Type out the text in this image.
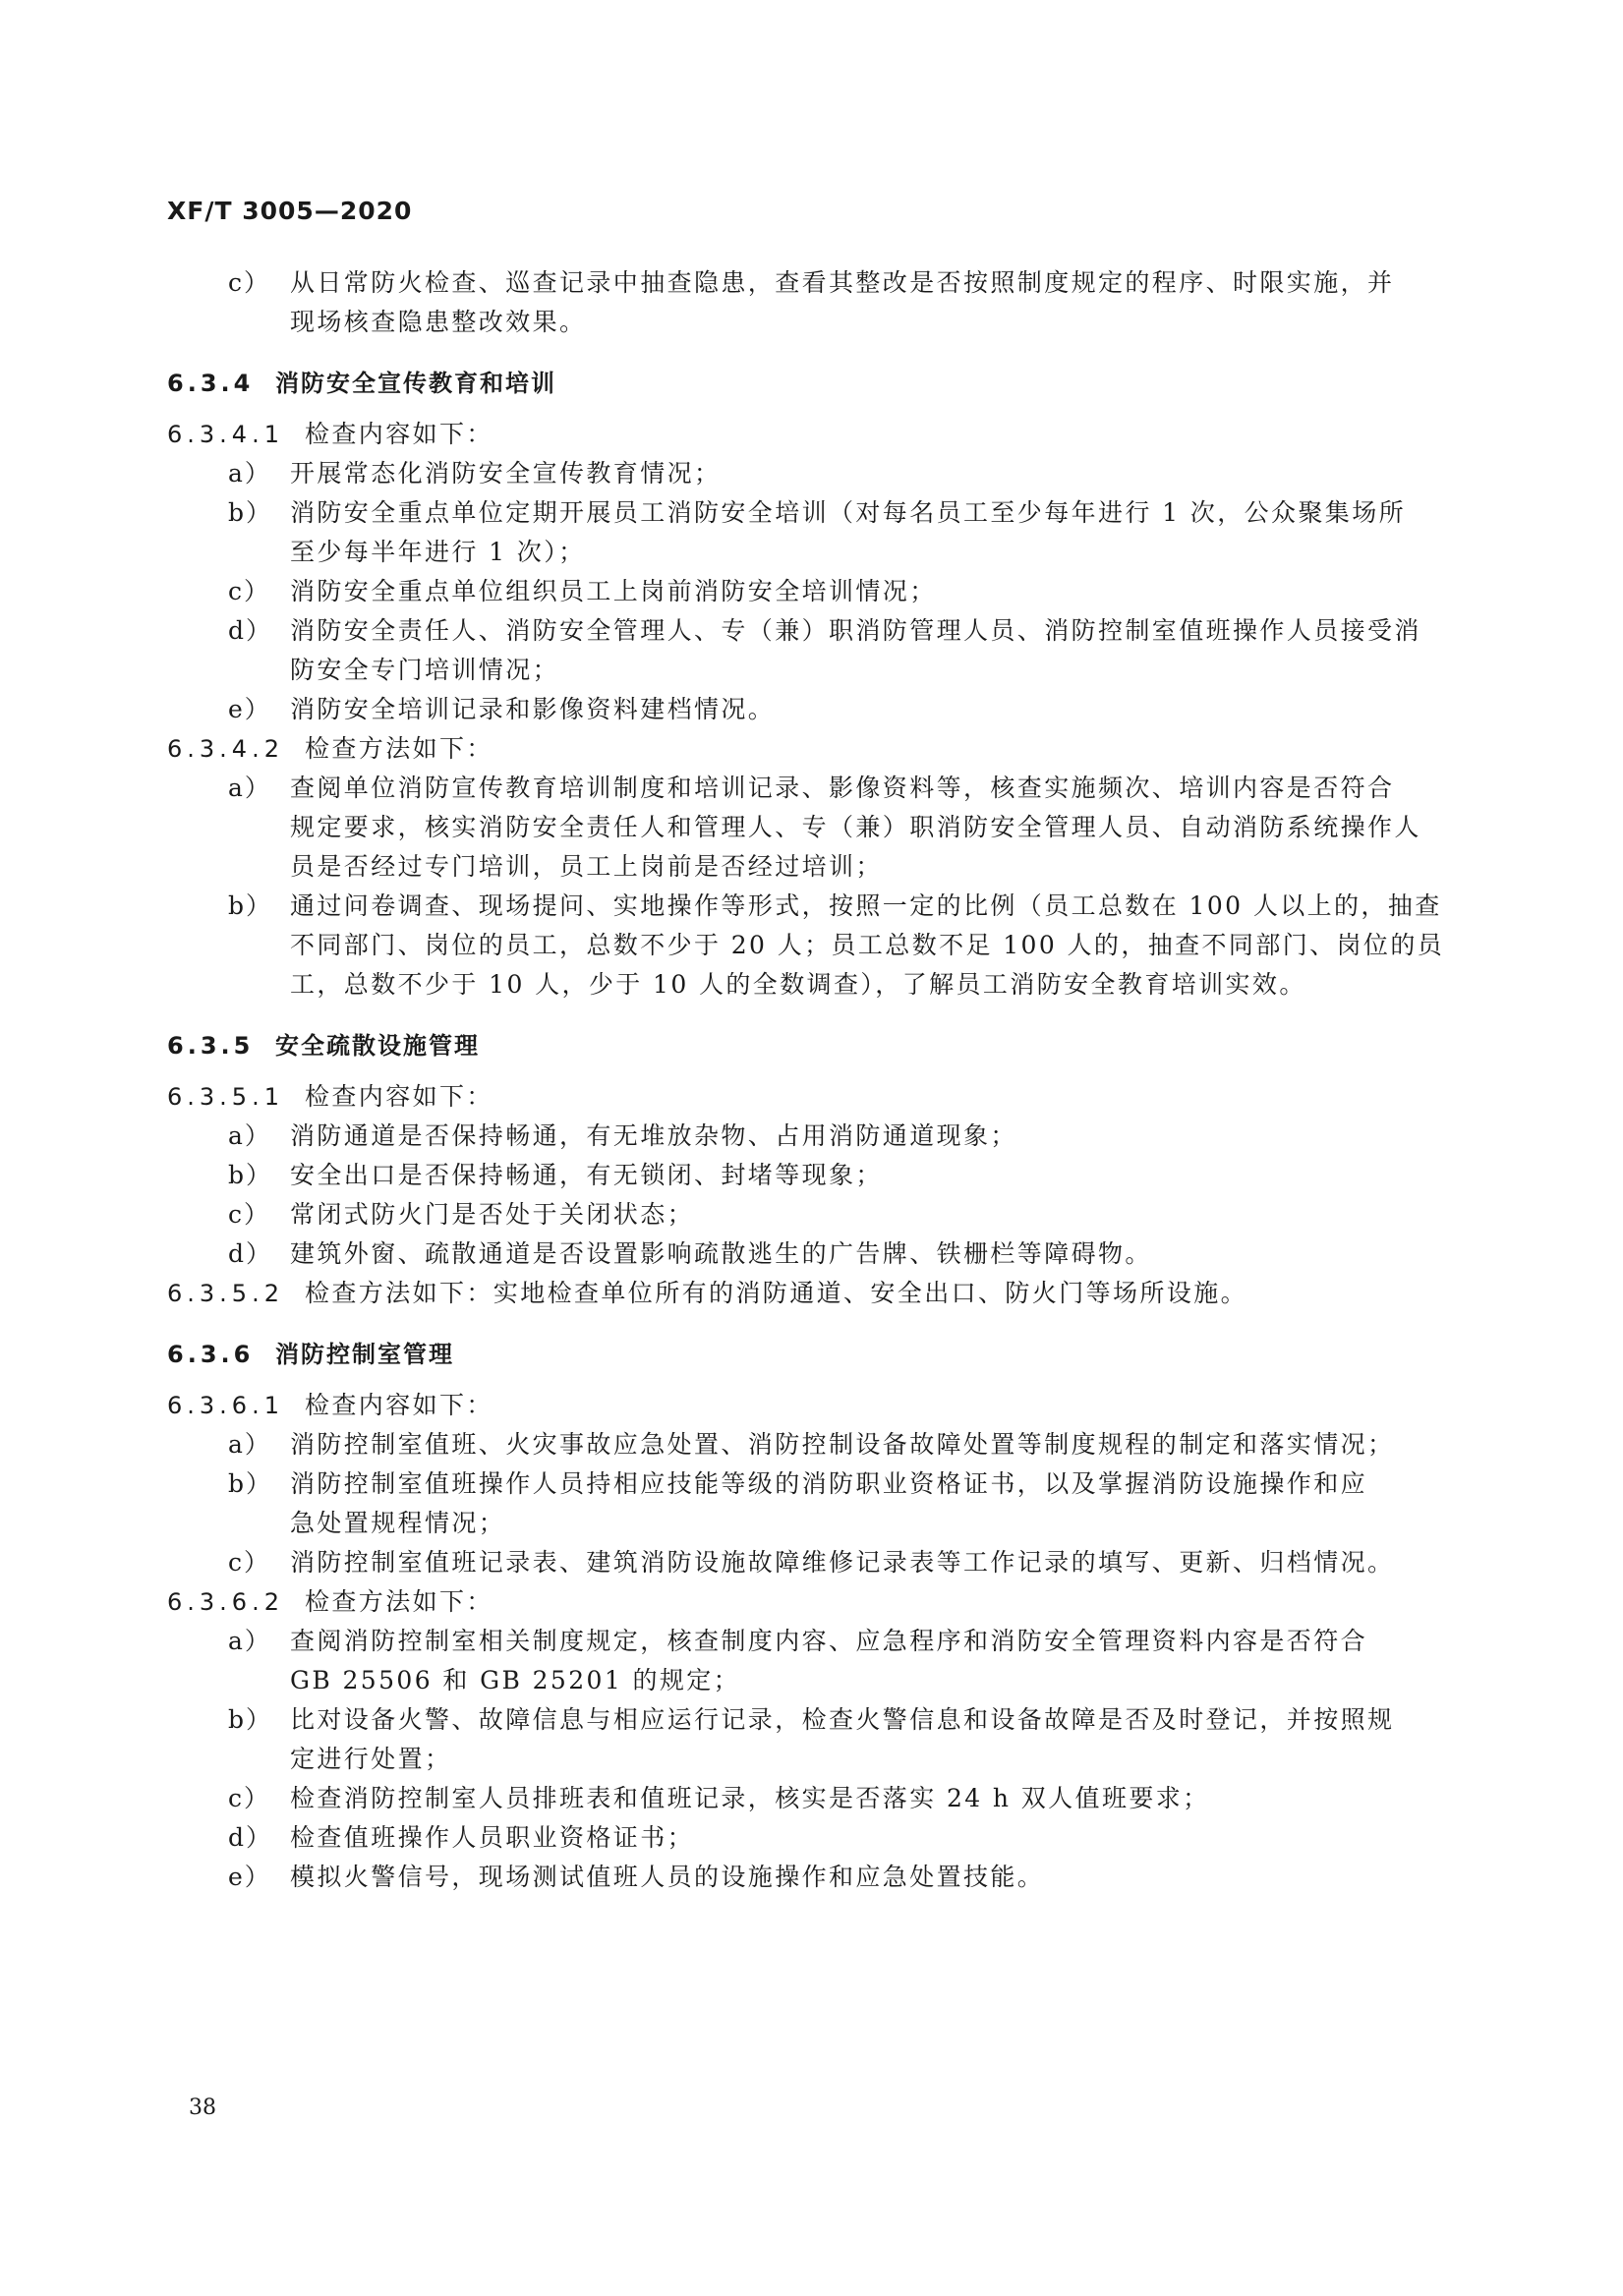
XF/T 3005—2020
c） 从日常防火检查、巡查记录中抽查隐患，查看其整改是否按照制度规定的程序、时限实施，并
现场核查隐患整改效果。
6.3.4 消防安全宣传教育和培训
6.3.4.1 检查内容如下：
a） 开展常态化消防安全宣传教育情况；
b） 消防安全重点单位定期开展员工消防安全培训（对每名员工至少每年进行 1 次，公众聚集场所
至少每半年进行 1 次）；
c） 消防安全重点单位组织员工上岗前消防安全培训情况；
d） 消防安全责任人、消防安全管理人、专（兼）职消防管理人员、消防控制室值班操作人员接受消
防安全专门培训情况；
e） 消防安全培训记录和影像资料建档情况。
6.3.4.2 检查方法如下：
a） 查阅单位消防宣传教育培训制度和培训记录、影像资料等，核查实施频次、培训内容是否符合
规定要求，核实消防安全责任人和管理人、专（兼）职消防安全管理人员、自动消防系统操作人
员是否经过专门培训，员工上岗前是否经过培训；
b） 通过问卷调查、现场提问、实地操作等形式，按照一定的比例（员工总数在 100 人以上的，抽查
不同部门、岗位的员工，总数不少于 20 人；员工总数不足 100 人的，抽查不同部门、岗位的员
工，总数不少于 10 人，少于 10 人的全数调查），了解员工消防安全教育培训实效。
6.3.5 安全疏散设施管理
6.3.5.1 检查内容如下：
a） 消防通道是否保持畅通，有无堆放杂物、占用消防通道现象；
b） 安全出口是否保持畅通，有无锁闭、封堵等现象；
c） 常闭式防火门是否处于关闭状态；
d） 建筑外窗、疏散通道是否设置影响疏散逃生的广告牌、铁栅栏等障碍物。
6.3.5.2 检查方法如下：实地检查单位所有的消防通道、安全出口、防火门等场所设施。
6.3.6 消防控制室管理
6.3.6.1 检查内容如下：
a） 消防控制室值班、火灾事故应急处置、消防控制设备故障处置等制度规程的制定和落实情况；
b） 消防控制室值班操作人员持相应技能等级的消防职业资格证书，以及掌握消防设施操作和应
急处置规程情况；
c） 消防控制室值班记录表、建筑消防设施故障维修记录表等工作记录的填写、更新、归档情况。
6.3.6.2 检查方法如下：
a） 查阅消防控制室相关制度规定，核查制度内容、应急程序和消防安全管理资料内容是否符合
GB 25506 和 GB 25201 的规定；
b） 比对设备火警、故障信息与相应运行记录，检查火警信息和设备故障是否及时登记，并按照规
定进行处置；
c） 检查消防控制室人员排班表和值班记录，核实是否落实 24 h 双人值班要求；
d） 检查值班操作人员职业资格证书；
e） 模拟火警信号，现场测试值班人员的设施操作和应急处置技能。
38
